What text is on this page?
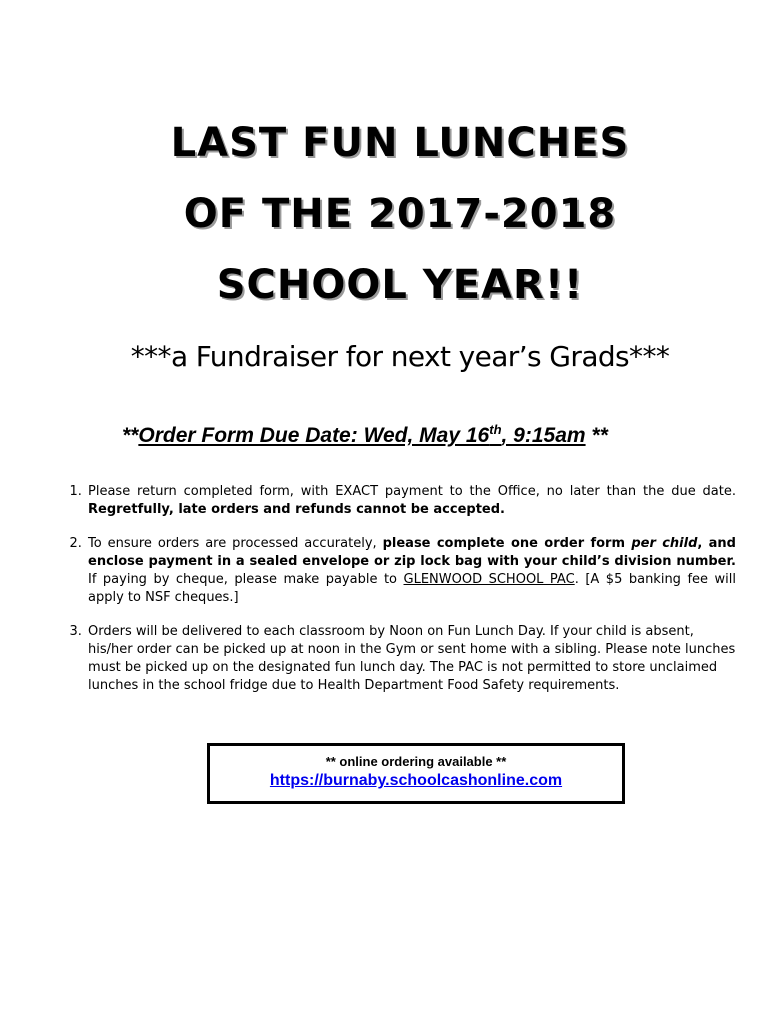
LAST FUN LUNCHES
OF THE 2017-2018
SCHOOL YEAR!!
***a Fundraiser for next year’s Grads***
**Order Form Due Date: Wed, May 16th, 9:15am **
1. Please return completed form, with EXACT payment to the Office, no later than the due date. Regretfully, late orders and refunds cannot be accepted.
2. To ensure orders are processed accurately, please complete one order form per child, and enclose payment in a sealed envelope or zip lock bag with your child’s division number. If paying by cheque, please make payable to GLENWOOD SCHOOL PAC. [A $5 banking fee will apply to NSF cheques.]
3. Orders will be delivered to each classroom by Noon on Fun Lunch Day. If your child is absent, his/her order can be picked up at noon in the Gym or sent home with a sibling. Please note lunches must be picked up on the designated fun lunch day. The PAC is not permitted to store unclaimed lunches in the school fridge due to Health Department Food Safety requirements.
** online ordering available **
https://burnaby.schoolcashonline.com
